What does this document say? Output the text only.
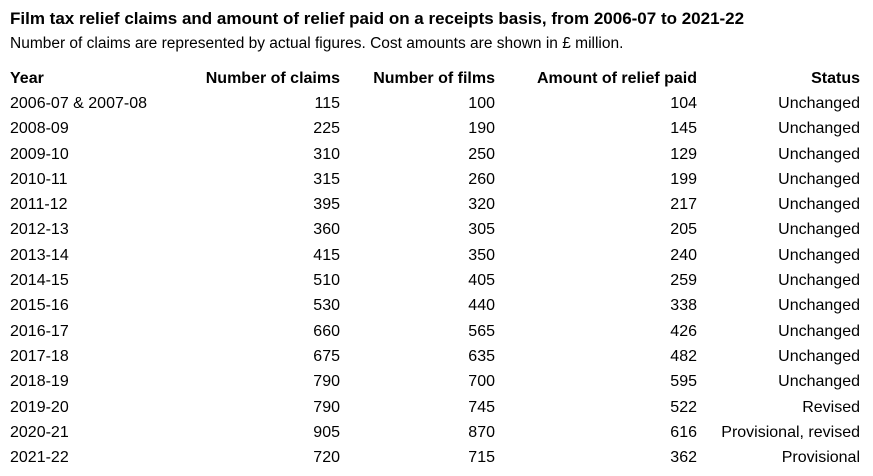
Film tax relief claims and amount of relief paid on a receipts basis, from 2006-07 to 2021-22
Number of claims are represented by actual figures. Cost amounts are shown in £ million.
Year	Number of claims	Number of films	Amount of relief paid	Status
2006-07 & 2007-08	115	100	104	Unchanged
2008-09	225	190	145	Unchanged
2009-10	310	250	129	Unchanged
2010-11	315	260	199	Unchanged
2011-12	395	320	217	Unchanged
2012-13	360	305	205	Unchanged
2013-14	415	350	240	Unchanged
2014-15	510	405	259	Unchanged
2015-16	530	440	338	Unchanged
2016-17	660	565	426	Unchanged
2017-18	675	635	482	Unchanged
2018-19	790	700	595	Unchanged
2019-20	790	745	522	Revised
2020-21	905	870	616	Provisional, revised
2021-22	720	715	362	Provisional
